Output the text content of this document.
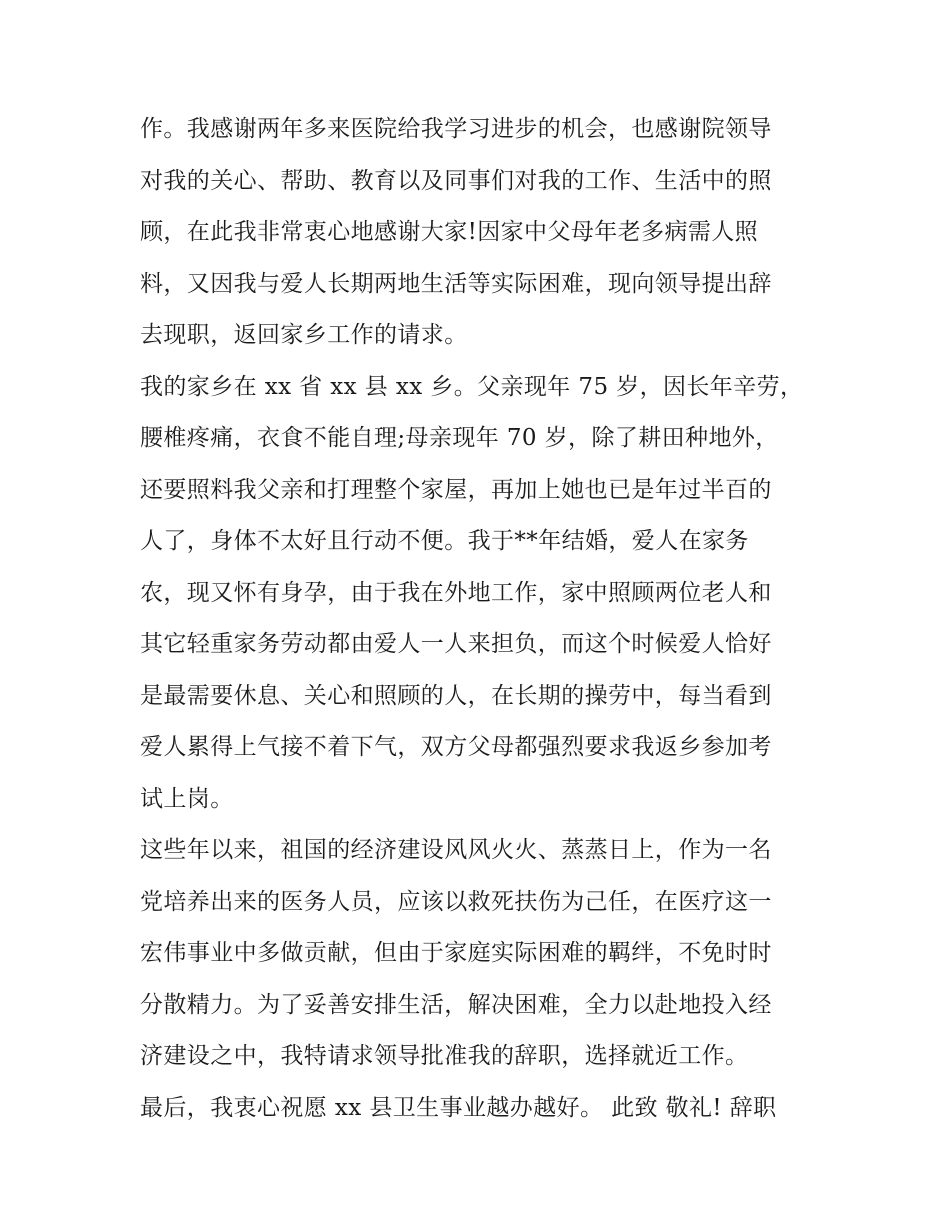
作。我感谢两年多来医院给我学习进步的机会，也感谢院领导
对我的关心、帮助、教育以及同事们对我的工作、生活中的照
顾，在此我非常衷心地感谢大家!因家中父母年老多病需人照
料，又因我与爱人长期两地生活等实际困难，现向领导提出辞
去现职，返回家乡工作的请求。
我的家乡在 xx 省 xx 县 xx 乡。父亲现年 75 岁，因长年辛劳，
腰椎疼痛，衣食不能自理;母亲现年 70 岁，除了耕田种地外，
还要照料我父亲和打理整个家屋，再加上她也已是年过半百的
人了，身体不太好且行动不便。我于**年结婚，爱人在家务
农，现又怀有身孕，由于我在外地工作，家中照顾两位老人和
其它轻重家务劳动都由爱人一人来担负，而这个时候爱人恰好
是最需要休息、关心和照顾的人，在长期的操劳中，每当看到
爱人累得上气接不着下气，双方父母都强烈要求我返乡参加考
试上岗。
这些年以来，祖国的经济建设风风火火、蒸蒸日上，作为一名
党培养出来的医务人员，应该以救死扶伤为己任，在医疗这一
宏伟事业中多做贡献，但由于家庭实际困难的羁绊，不免时时
分散精力。为了妥善安排生活，解决困难，全力以赴地投入经
济建设之中，我特请求领导批准我的辞职，选择就近工作。
最后，我衷心祝愿 xx 县卫生事业越办越好。 此致 敬礼! 辞职
